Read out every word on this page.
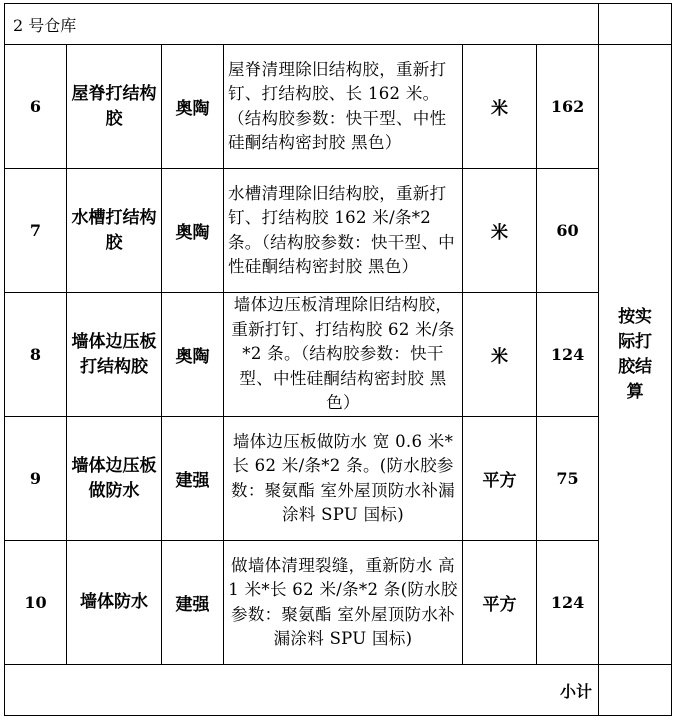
2 号仓库						
6	屋脊打结构胶	奥陶	屋脊清理除旧结构胶，重新打钉、打结构胶、长 162 米。（结构胶参数：快干型、中性硅酮结构密封胶 黑色）	米	162	按实际打胶结算

7	水槽打结构胶	奥陶	水槽清理除旧结构胶，重新打钉、打结构胶 162 米/条*2 条。（结构胶参数：快干型、中性硅酮结构密封胶 黑色）	米	60	
8	墙体边压板打结构胶	奥陶	墙体边压板清理除旧结构胶，重新打钉、打结构胶 62 米/条*2 条。（结构胶参数：快干型、中性硅酮结构密封胶 黑色）	米	124	
9	墙体边压板做防水	建强	墙体边压板做防水 宽 0.6 米*长 62 米/条*2 条。(防水胶参数：聚氨酯 室外屋顶防水补漏涂料 SPU 国标)	平方	75	
10	墙体防水	建强	做墙体清理裂缝，重新防水 高 1 米*长 62 米/条*2 条(防水胶参数：聚氨酯 室外屋顶防水补漏涂料 SPU 国标)	平方	124	
小计						
